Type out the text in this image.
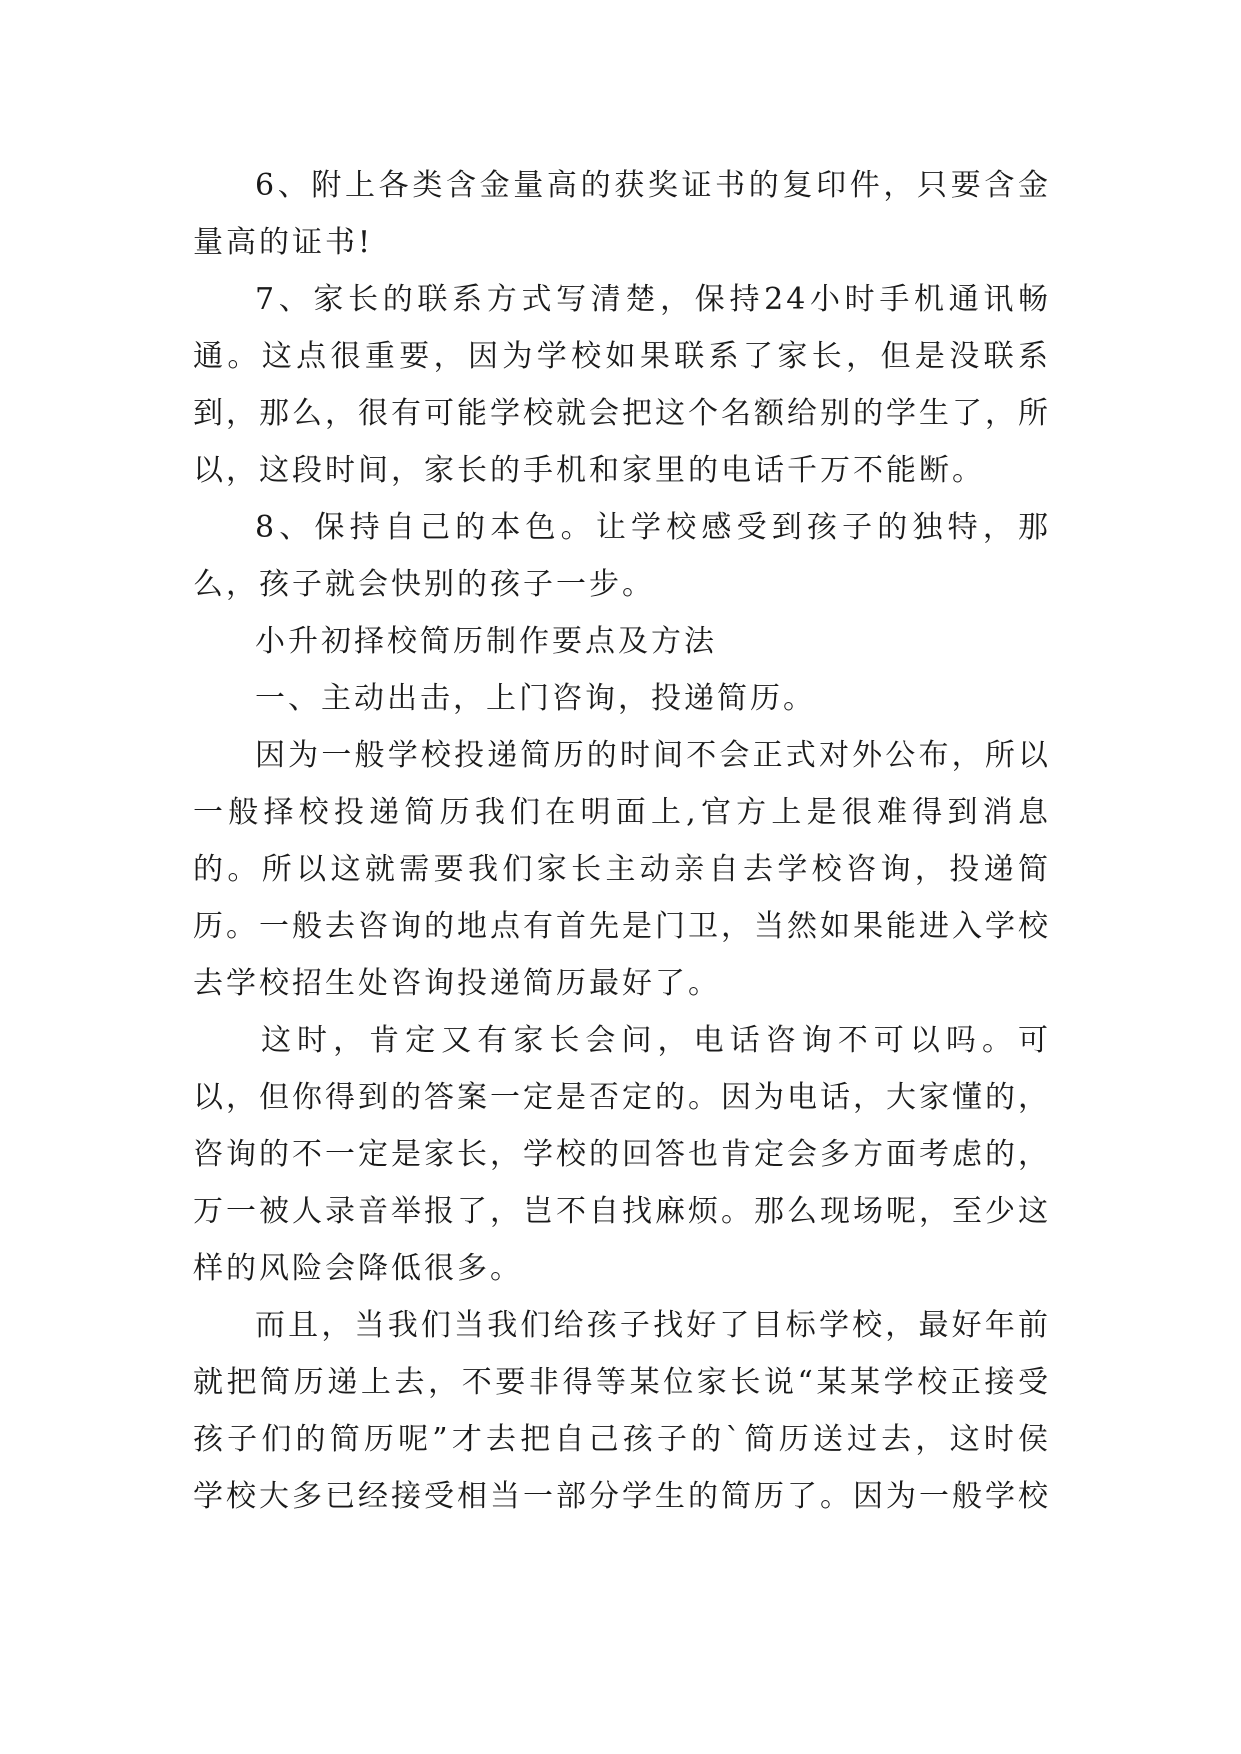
6、附上各类含金量高的获奖证书的复印件，只要含金量高的证书!

7、家长的联系方式写清楚，保持24小时手机通讯畅通。这点很重要，因为学校如果联系了家长，但是没联系到，那么，很有可能学校就会把这个名额给别的学生了，所以，这段时间，家长的手机和家里的电话千万不能断。

8、保持自己的本色。让学校感受到孩子的独特，那么，孩子就会快别的孩子一步。

小升初择校简历制作要点及方法

一、主动出击，上门咨询，投递简历。

因为一般学校投递简历的时间不会正式对外公布，所以一般择校投递简历我们在明面上,官方上是很难得到消息的。所以这就需要我们家长主动亲自去学校咨询，投递简历。一般去咨询的地点有首先是门卫，当然如果能进入学校去学校招生处咨询投递简历最好了。

这时，肯定又有家长会问，电话咨询不可以吗。可以，但你得到的答案一定是否定的。因为电话，大家懂的，咨询的不一定是家长，学校的回答也肯定会多方面考虑的，万一被人录音举报了，岂不自找麻烦。那么现场呢，至少这样的风险会降低很多。

而且，当我们当我们给孩子找好了目标学校，最好年前就把简历递上去，不要非得等某位家长说“某某学校正接受孩子们的简历呢”才去把自己孩子的`简历送过去，这时侯学校大多已经接受相当一部分学生的简历了。因为一般学校
